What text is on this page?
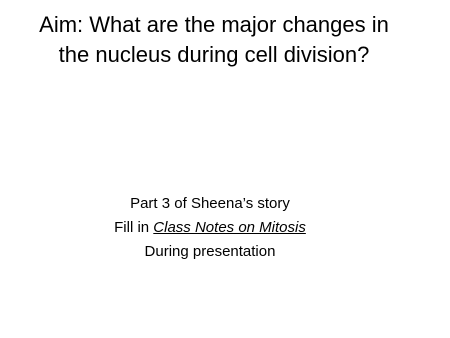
Aim: What are the major changes in
the nucleus during cell division?
Part 3 of Sheena’s story
Fill in Class Notes on Mitosis
During presentation
